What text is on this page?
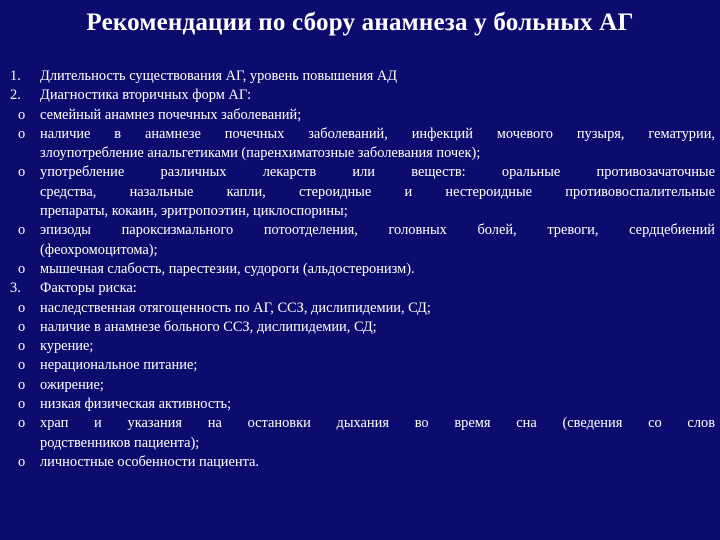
Рекомендации по сбору анамнеза у больных АГ
1.	Длительность существования АГ, уровень повышения АД
2.	Диагностика вторичных форм АГ:
o	семейный анамнез почечных заболеваний;
o	наличие в анамнезе почечных заболеваний, инфекций мочевого пузыря, гематурии,
злоупотребление анальгетиками (паренхиматозные заболевания почек);
o	употребление различных лекарств или веществ: оральные противозачаточные
средства, назальные капли, стероидные и нестероидные противовоспалительные
препараты, кокаин, эритропоэтин, циклоспорины;
o	эпизоды пароксизмального потоотделения, головных болей, тревоги, сердцебиений
(феохромоцитома);
o	мышечная слабость, парестезии, судороги (альдостеронизм).
3.	Факторы риска:
o	наследственная отягощенность по АГ, ССЗ, дислипидемии, СД;
o	наличие в анамнезе больного ССЗ, дислипидемии, СД;
o	курение;
o	нерациональное питание;
o	ожирение;
o	низкая физическая активность;
o	храп и указания на остановки дыхания во время сна (сведения со слов
родственников пациента);
o	личностные особенности пациента.
